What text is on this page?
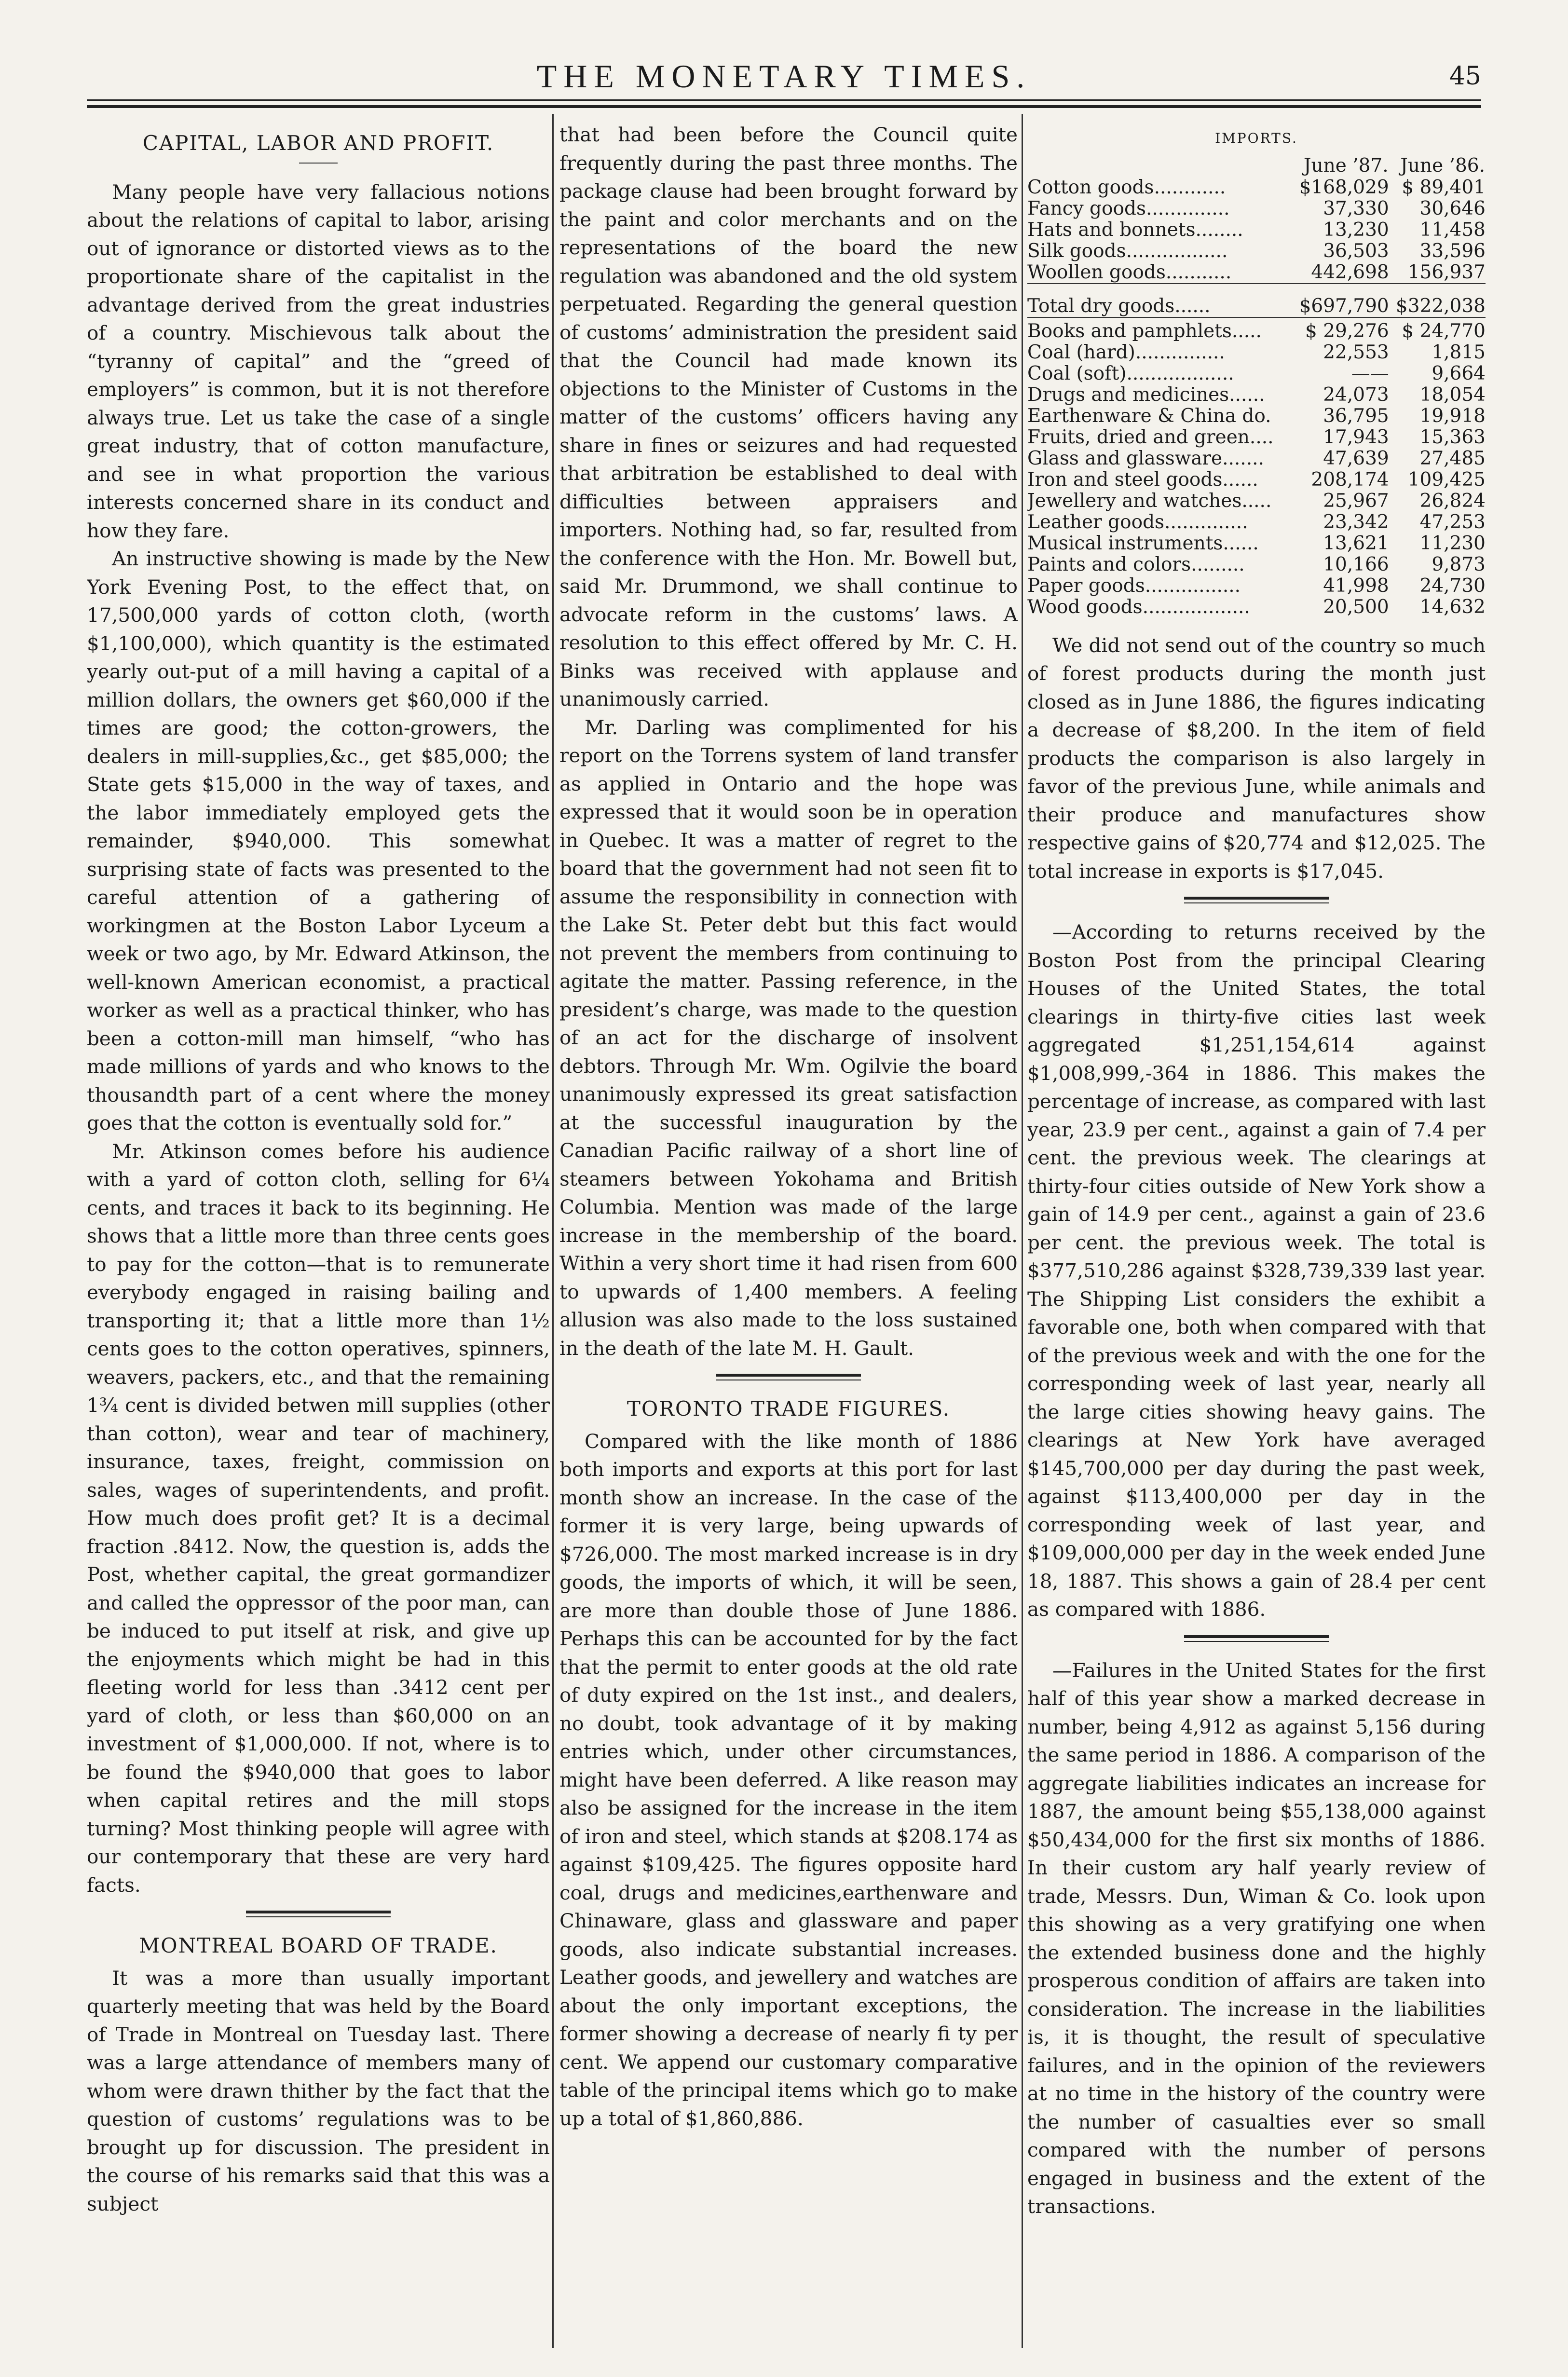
THE MONETARY TIMES.	45
CAPITAL, LABOR AND PROFIT.

Many people have very fallacious notions about the relations of capital to labor, arising out of ignorance or distorted views as to the proportionate share of the capitalist in the advantage derived from the great industries of a country. Mischievous talk about the “tyranny of capital” and the “greed of employers” is common, but it is not therefore always true. Let us take the case of a single great industry, that of cotton manufacture, and see in what proportion the various interests concerned share in its conduct and how they fare.

An instructive showing is made by the New York Evening Post, to the effect that, on 17,500,000 yards of cotton cloth, (worth $1,100,000), which quantity is the estimated yearly out-put of a mill having a capital of a million dollars, the owners get $60,000 if the times are good; the cotton-growers, the dealers in mill-supplies,&c., get $85,000; the State gets $15,000 in the way of taxes, and the labor immediately employed gets the remainder, $940,000. This somewhat surprising state of facts was presented to the careful attention of a gathering of workingmen at the Boston Labor Lyceum a week or two ago, by Mr. Edward Atkinson, the well-known American economist, a practical worker as well as a practical thinker, who has been a cotton-mill man himself, “who has made millions of yards and who knows to the thousandth part of a cent where the money goes that the cotton is eventually sold for.”

Mr. Atkinson comes before his audience with a yard of cotton cloth, selling for 6¼ cents, and traces it back to its beginning. He shows that a little more than three cents goes to pay for the cotton—that is to remunerate everybody engaged in raising bailing and transporting it; that a little more than 1½ cents goes to the cotton operatives, spinners, weavers, packers, etc., and that the remaining 1¾ cent is divided betwen mill supplies (other than cotton), wear and tear of machinery, insurance, taxes, freight, commission on sales, wages of superintendents, and profit. How much does profit get? It is a decimal fraction .8412. Now, the question is, adds the Post, whether capital, the great gormandizer and called the oppressor of the poor man, can be induced to put itself at risk, and give up the enjoyments which might be had in this fleeting world for less than .3412 cent per yard of cloth, or less than $60,000 on an investment of $1,000,000. If not, where is to be found the $940,000 that goes to labor when capital retires and the mill stops turning? Most thinking people will agree with our contemporary that these are very hard facts.

MONTREAL BOARD OF TRADE.

It was a more than usually important quarterly meeting that was held by the Board of Trade in Montreal on Tuesday last. There was a large attendance of members many of whom were drawn thither by the fact that the question of customs’ regulations was to be brought up for discussion. The president in the course of his remarks said that this was a subject

that had been before the Council quite frequently during the past three months. The package clause had been brought forward by the paint and color merchants and on the representations of the board the new regulation was abandoned and the old system perpetuated. Regarding the general question of customs’ administration the president said that the Council had made known its objections to the Minister of Customs in the matter of the customs’ officers having any share in fines or seizures and had requested that arbitration be established to deal with difficulties between appraisers and importers. Nothing had, so far, resulted from the conference with the Hon. Mr. Bowell but, said Mr. Drummond, we shall continue to advocate reform in the customs’ laws. A resolution to this effect offered by Mr. C. H. Binks was received with applause and unanimously carried.

Mr. Darling was complimented for his report on the Torrens system of land transfer as applied in Ontario and the hope was expressed that it would soon be in operation in Quebec. It was a matter of regret to the board that the government had not seen fit to assume the responsibility in connection with the Lake St. Peter debt but this fact would not prevent the members from continuing to agitate the matter. Passing reference, in the president’s charge, was made to the question of an act for the discharge of insolvent debtors. Through Mr. Wm. Ogilvie the board unanimously expressed its great satisfaction at the successful inauguration by the Canadian Pacific railway of a short line of steamers between Yokohama and British Columbia. Mention was made of the large increase in the membership of the board. Within a very short time it had risen from 600 to upwards of 1,400 members. A feeling allusion was also made to the loss sustained in the death of the late M. H. Gault.

TORONTO TRADE FIGURES.

Compared with the like month of 1886 both imports and exports at this port for last month show an increase. In the case of the former it is very large, being upwards of $726,000. The most marked increase is in dry goods, the imports of which, it will be seen, are more than double those of June 1886. Perhaps this can be accounted for by the fact that the permit to enter goods at the old rate of duty expired on the 1st inst., and dealers, no doubt, took advantage of it by making entries which, under other circumstances, might have been deferred. A like reason may also be assigned for the increase in the item of iron and steel, which stands at $208.174 as against $109,425. The figures opposite hard coal, drugs and medicines,earthenware and Chinaware, glass and glassware and paper goods, also indicate substantial increases. Leather goods, and jewellery and watches are about the only important exceptions, the former showing a decrease of nearly fi ty per cent. We append our customary comparative table of the principal items which go to make up a total of $1,860,886.

IMPORTS.
	June ’87.	June ’86.
Cotton goods............	$168,029	$ 89,401
Fancy goods..............	37,330	30,646
Hats and bonnets........	13,230	11,458
Silk goods.................	36,503	33,596
Woollen goods...........	442,698	156,937

Total dry goods......	$697,790	$322,038

Books and pamphlets.....	$ 29,276	$ 24,770
Coal (hard)...............	22,553	1,815
Coal (soft)..................	——	9,664
Drugs and medicines......	24,073	18,054
Earthenware & China do.	36,795	19,918
Fruits, dried and green....	17,943	15,363
Glass and glassware.......	47,639	27,485
Iron and steel goods......	208,174	109,425
Jewellery and watches.....	25,967	26,824
Leather goods..............	23,342	47,253
Musical instruments......	13,621	11,230
Paints and colors.........	10,166	9,873
Paper goods................	41,998	24,730
Wood goods..................	20,500	14,632

We did not send out of the country so much of forest products during the month just closed as in June 1886, the figures indicating a decrease of $8,200. In the item of field products the comparison is also largely in favor of the previous June, while animals and their produce and manufactures show respective gains of $20,774 and $12,025. The total increase in exports is $17,045.

—According to returns received by the Boston Post from the principal Clearing Houses of the United States, the total clearings in thirty-five cities last week aggregated $1,251,154,614 against $1,008,999,-364 in 1886. This makes the percentage of increase, as compared with last year, 23.9 per cent., against a gain of 7.4 per cent. the previous week. The clearings at thirty-four cities outside of New York show a gain of 14.9 per cent., against a gain of 23.6 per cent. the previous week. The total is $377,510,286 against $328,739,339 last year. The Shipping List considers the exhibit a favorable one, both when compared with that of the previous week and with the one for the corresponding week of last year, nearly all the large cities showing heavy gains. The clearings at New York have averaged $145,700,000 per day during the past week, against $113,400,000 per day in the corresponding week of last year, and $109,000,000 per day in the week ended June 18, 1887. This shows a gain of 28.4 per cent as compared with 1886.

—Failures in the United States for the first half of this year show a marked decrease in number, being 4,912 as against 5,156 during the same period in 1886. A comparison of the aggregate liabilities indicates an increase for 1887, the amount being $55,138,000 against $50,434,000 for the first six months of 1886. In their custom ary half yearly review of trade, Messrs. Dun, Wiman & Co. look upon this showing as a very gratifying one when the extended business done and the highly prosperous condition of affairs are taken into consideration. The increase in the liabilities is, it is thought, the result of speculative failures, and in the opinion of the reviewers at no time in the history of the country were the number of casualties ever so small compared with the number of persons engaged in business and the extent of the transactions.
